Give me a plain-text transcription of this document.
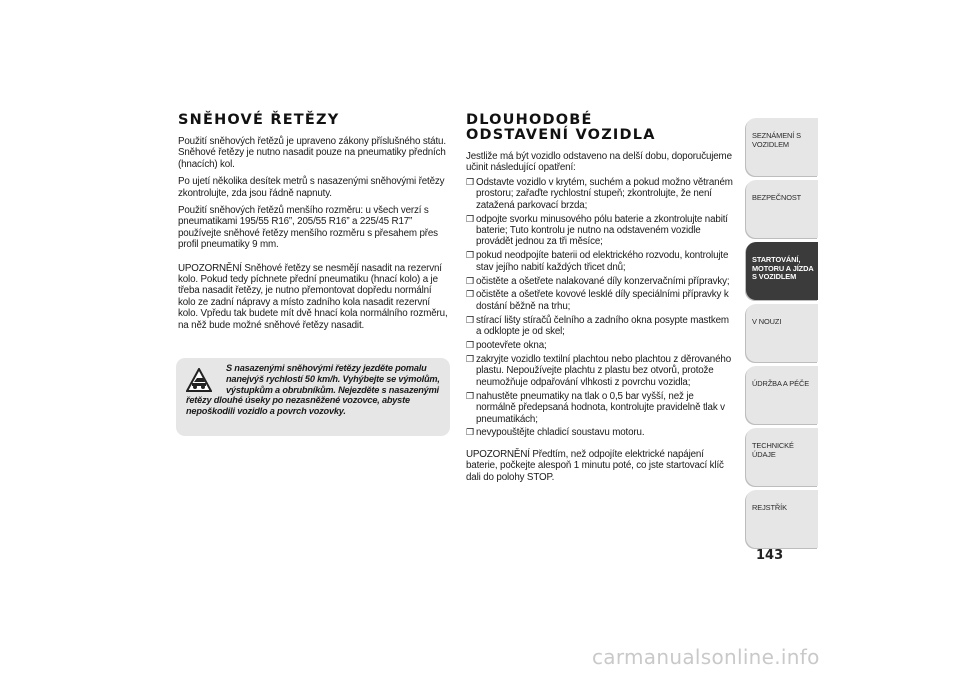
SNĚHOVÉ ŘETĚZY

Použití sněhových řetězů je upraveno zákony příslušného státu. Sněhové řetězy je nutno nasadit pouze na pneumatiky předních (hnacích) kol.

Po ujetí několika desítek metrů s nasazenými sněhovými řetězy zkontrolujte, zda jsou řádně napnuty.

Použití sněhových řetězů menšího rozměru: u všech verzí s pneumatikami 195/55 R16”, 205/55 R16” a 225/45 R17” používejte sněhové řetězy menšího rozměru s přesahem přes profil pneumatiky 9 mm.

UPOZORNĚNÍ Sněhové řetězy se nesmějí nasadit na rezervní kolo. Pokud tedy píchnete přední pneumatiku (hnací kolo) a je třeba nasadit řetězy, je nutno přemontovat dopředu normální kolo ze zadní nápravy a místo zadního kola nasadit rezervní kolo. Vpředu tak budete mít dvě hnací kola normálního rozměru, na něž bude možné sněhové řetězy nasadit.

S nasazenými sněhovými řetězy jezděte pomalu nanejvýš rychlostí 50 km/h. Vyhýbejte se výmolům, výstupkům a obrubníkům. Nejezděte s nasazenými řetězy dlouhé úseky po nezasněžené vozovce, abyste nepoškodili vozidlo a povrch vozovky.

DLOUHODOBÉ ODSTAVENÍ VOZIDLA

Jestliže má být vozidlo odstaveno na delší dobu, doporučujeme učinit následující opatření:

❒ Odstavte vozidlo v krytém, suchém a pokud možno větraném prostoru; zařaďte rychlostní stupeň; zkontrolujte, že není zatažená parkovací brzda;
❒ odpojte svorku minusového pólu baterie a zkontrolujte nabití baterie; Tuto kontrolu je nutno na odstaveném vozidle provádět jednou za tři měsíce;
❒ pokud neodpojíte baterii od elektrického rozvodu, kontrolujte stav jejího nabití každých třicet dnů;
❒ očistěte a ošetřete nalakované díly konzervačními přípravky;
❒ očistěte a ošetřete kovové lesklé díly speciálními přípravky k dostání běžně na trhu;
❒ stírací lišty stíračů čelního a zadního okna posypte mastkem a odklopte je od skel;
❒ pootevřete okna;
❒ zakryjte vozidlo textilní plachtou nebo plachtou z děrovaného plastu. Nepoužívejte plachtu z plastu bez otvorů, protože neumožňuje odpařování vlhkosti z povrchu vozidla;
❒ nahustěte pneumatiky na tlak o 0,5 bar vyšší, než je normálně předepsaná hodnota, kontrolujte pravidelně tlak v pneumatikách;
❒ nevypouštějte chladicí soustavu motoru.

UPOZORNĚNÍ Předtím, než odpojíte elektrické napájení baterie, počkejte alespoň 1 minutu poté, co jste startovací klíč dali do polohy STOP.

SEZNÁMENÍ S VOZIDLEM
BEZPEČNOST
STARTOVÁNÍ, MOTORU A JÍZDA S VOZIDLEM
V NOUZI
ÚDRŽBA A PÉČE
TECHNICKÉ ÚDAJE
REJSTŘÍK
143
carmanualsonline.info
